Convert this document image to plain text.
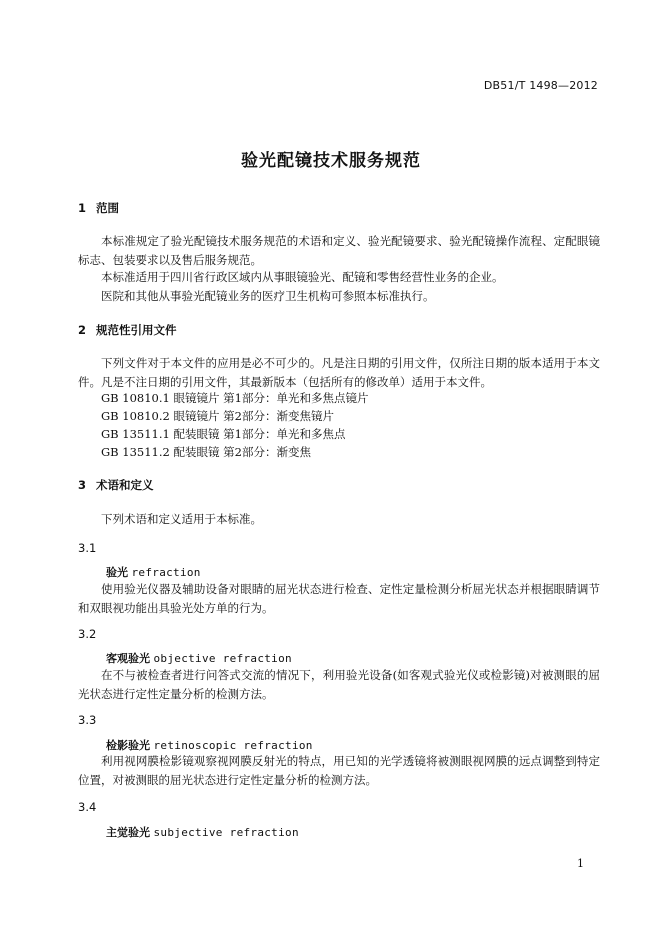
DB51/T 1498—2012
验光配镜技术服务规范
1 范围

本标准规定了验光配镜技术服务规范的术语和定义、验光配镜要求、验光配镜操作流程、定配眼镜标志、包装要求以及售后服务规范。

本标准适用于四川省行政区域内从事眼镜验光、配镜和零售经营性业务的企业。

医院和其他从事验光配镜业务的医疗卫生机构可参照本标准执行。

2 规范性引用文件

下列文件对于本文件的应用是必不可少的。凡是注日期的引用文件，仅所注日期的版本适用于本文件。凡是不注日期的引用文件，其最新版本（包括所有的修改单）适用于本文件。

GB 10810.1 眼镜镜片 第1部分：单光和多焦点镜片
GB 10810.2 眼镜镜片 第2部分：渐变焦镜片
GB 13511.1 配装眼镜 第1部分：单光和多焦点
GB 13511.2 配装眼镜 第2部分：渐变焦
3 术语和定义

下列术语和定义适用于本标准。

3.1
验光 refraction

使用验光仪器及辅助设备对眼睛的屈光状态进行检查、定性定量检测分析屈光状态并根据眼睛调节和双眼视功能出具验光处方单的行为。

3.2
客观验光 objective refraction

在不与被检查者进行问答式交流的情况下，利用验光设备(如客观式验光仪或检影镜)对被测眼的屈光状态进行定性定量分析的检测方法。

3.3
检影验光 retinoscopic refraction

利用视网膜检影镜观察视网膜反射光的特点，用已知的光学透镜将被测眼视网膜的远点调整到特定位置，对被测眼的屈光状态进行定性定量分析的检测方法。

3.4
主觉验光 subjective refraction
1
